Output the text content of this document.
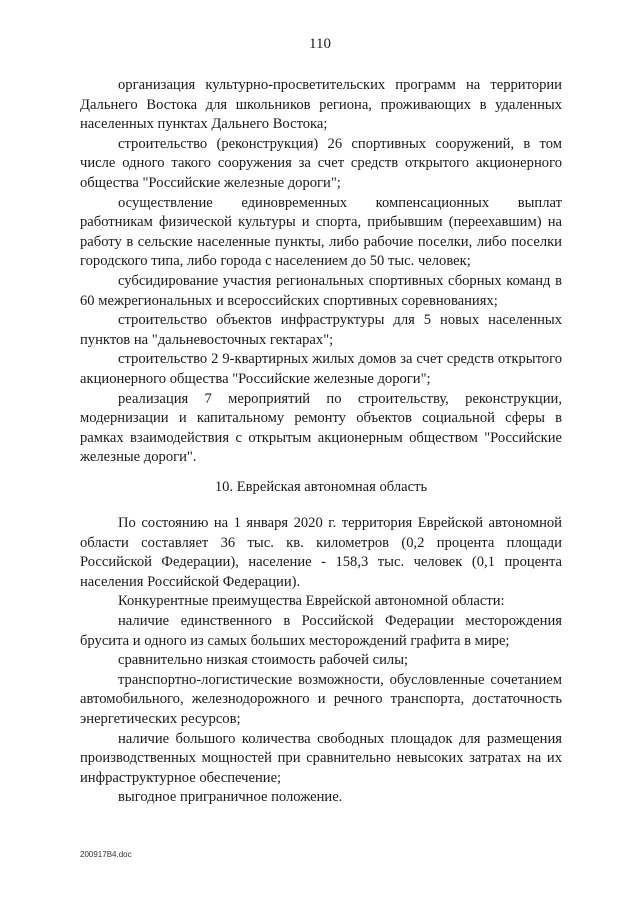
110

организация культурно-просветительских программ на территории Дальнего Востока для школьников региона, проживающих в удаленных населенных пунктах Дальнего Востока;

строительство (реконструкция) 26 спортивных сооружений, в том числе одного такого сооружения за счет средств открытого акционерного общества "Российские железные дороги";

осуществление единовременных компенсационных выплат работникам физической культуры и спорта, прибывшим (переехавшим) на работу в сельские населенные пункты, либо рабочие поселки, либо поселки городского типа, либо города с населением до 50 тыс. человек;

субсидирование участия региональных спортивных сборных команд в 60 межрегиональных и всероссийских спортивных соревнованиях;

строительство объектов инфраструктуры для 5 новых населенных пунктов на "дальневосточных гектарах";

строительство 2 9-квартирных жилых домов за счет средств открытого акционерного общества "Российские железные дороги";

реализация 7 мероприятий по строительству, реконструкции, модернизации и капитальному ремонту объектов социальной сферы в рамках взаимодействия с открытым акционерным обществом "Российские железные дороги".

10. Еврейская автономная область

По состоянию на 1 января 2020 г. территория Еврейской автономной области составляет 36 тыс. кв. километров (0,2 процента площади Российской Федерации), население - 158,3 тыс. человек (0,1 процента населения Российской Федерации).

Конкурентные преимущества Еврейской автономной области:

наличие единственного в Российской Федерации месторождения брусита и одного из самых больших месторождений графита в мире;

сравнительно низкая стоимость рабочей силы;

транспортно-логистические возможности, обусловленные сочетанием автомобильного, железнодорожного и речного транспорта, достаточность энергетических ресурсов;

наличие большого количества свободных площадок для размещения производственных мощностей при сравнительно невысоких затратах на их инфраструктурное обеспечение;

выгодное приграничное положение.

200917В4.doc
